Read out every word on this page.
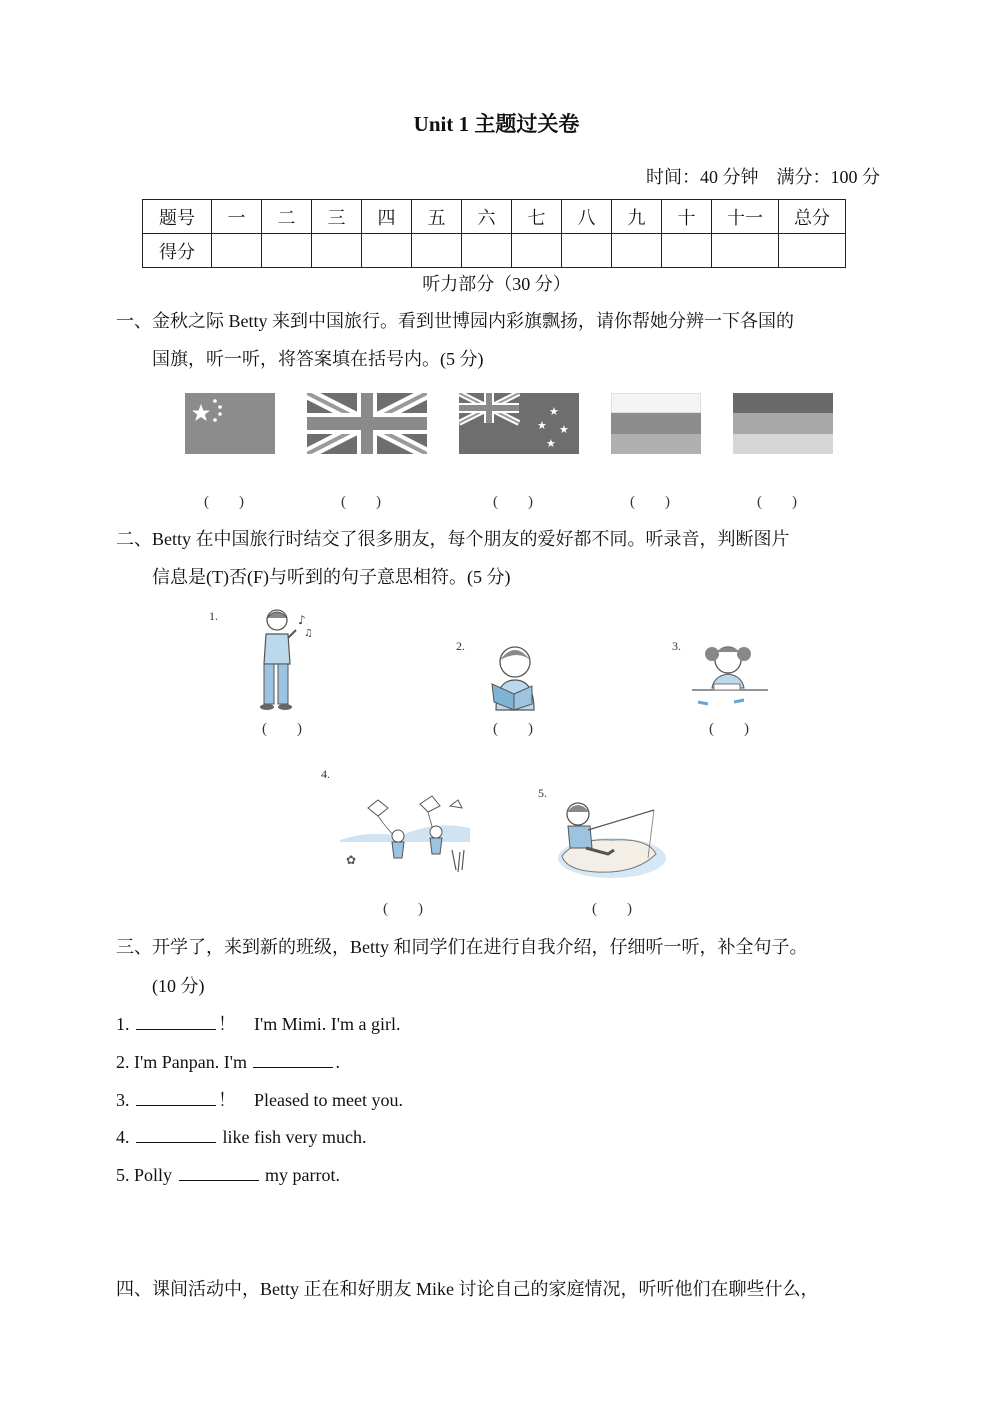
Unit 1 主题过关卷
时间：40 分钟　满分：100 分
题号	一	二	三	四	五	六	七	八	九	十	十一	总分
得分												
听力部分（30 分）
一、金秋之际 Betty 来到中国旅行。看到世博园内彩旗飘扬，请你帮她分辨一下各国的
国旗，听一听，将答案填在括号内。(5 分)
★
★ ★
★
(　　)	(　　)	(　　)	(　　)	(　　)
二、Betty 在中国旅行时结交了很多朋友，每个朋友的爱好都不同。听录音，判断图片
信息是(T)否(F)与听到的句子意思相符。(5 分)
1.	♪
♫
(　　)
2.
(　　)
3.
(　　)
4.
✿
(　　)
5.
(　　)
三、开学了，来到新的班级，Betty 和同学们在进行自我介绍，仔细听一听，补全句子。
(10 分)
1.	！　I'm Mimi. I'm a girl.
2. I'm Panpan. I'm	.
3.	！　Pleased to meet you.
4.	like fish very much.
5. Polly	my parrot.
四、课间活动中，Betty 正在和好朋友 Mike 讨论自己的家庭情况，听听他们在聊些什么，
